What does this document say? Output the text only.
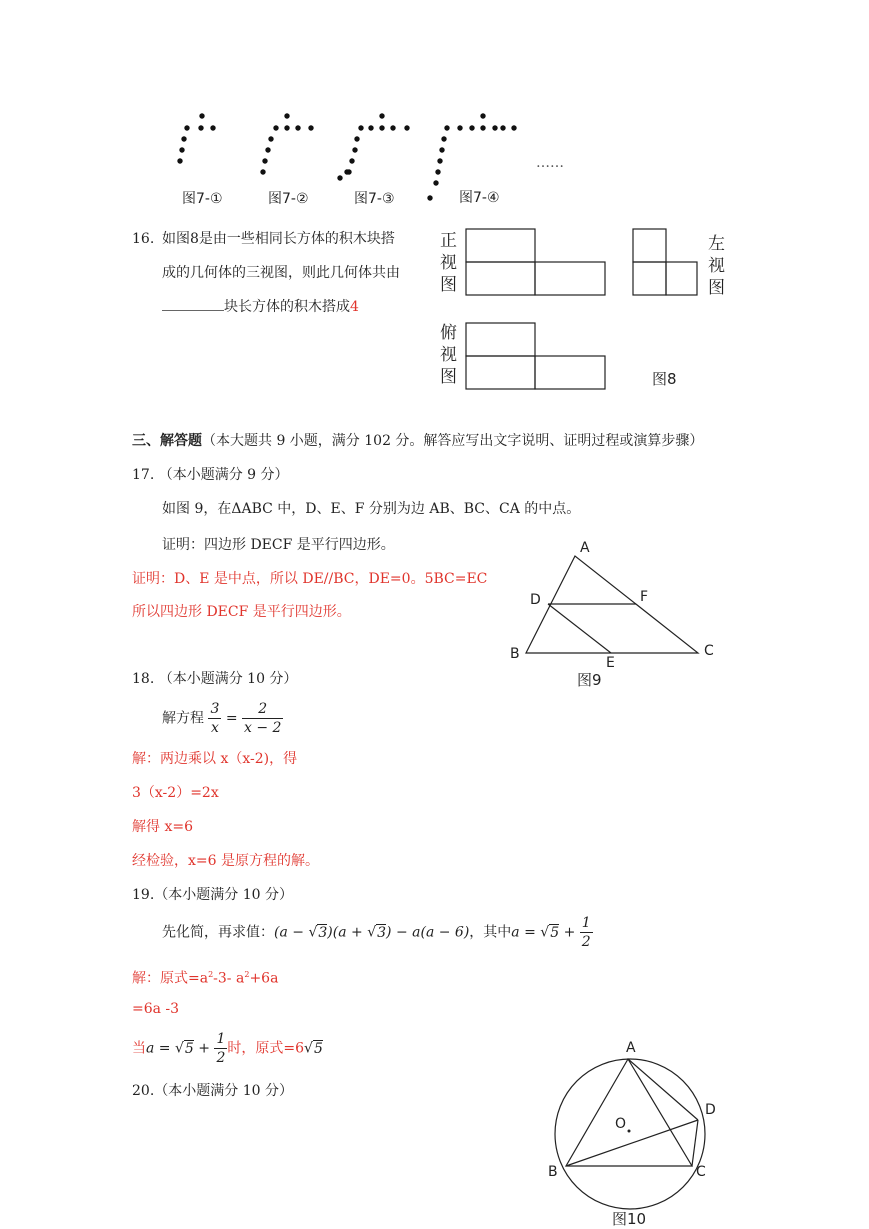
图7-①	图7-②	图7-③	图7-④
……
16. 如图8是由一些相同长方体的积木块搭
成的几何体的三视图，则此几何体共由
块长方体的积木搭成4
正
视
图
左
视
图
俯
视
图	图8
三、解答题（本大题共 9 小题，满分 102 分。解答应写出文字说明、证明过程或演算步骤）
17. （本小题满分 9 分）
如图 9，在ΔABC 中，D、E、F 分别为边 AB、BC、CA 的中点。
证明：四边形 DECF 是平行四边形。
证明：D、E 是中点，所以 DE//BC，DE=0。5BC=EC
所以四边形 DECF 是平行四边形。
A
D	F
B
E
C
图9
18. （本小题满分 10 分）
解方程 $\frac{3}{x} = \frac{2}{x - 2}$
解：两边乘以 x（x-2)，得
3（x-2）=2x
解得 x=6
经检验，x=6 是原方程的解。
19.（本小题满分 10 分）
先化简，再求值：(a − √3)(a + √3) − a(a − 6)，其中$a = √5 + \frac{1}{2}$
解：原式$=a^2-3-$ $a^2+6a$
=6a -3
当$a = √5 + \frac{1}{2}$ 时，原式=6√5
20.（本小题满分 10 分）
A
D
O
B	C
图10
